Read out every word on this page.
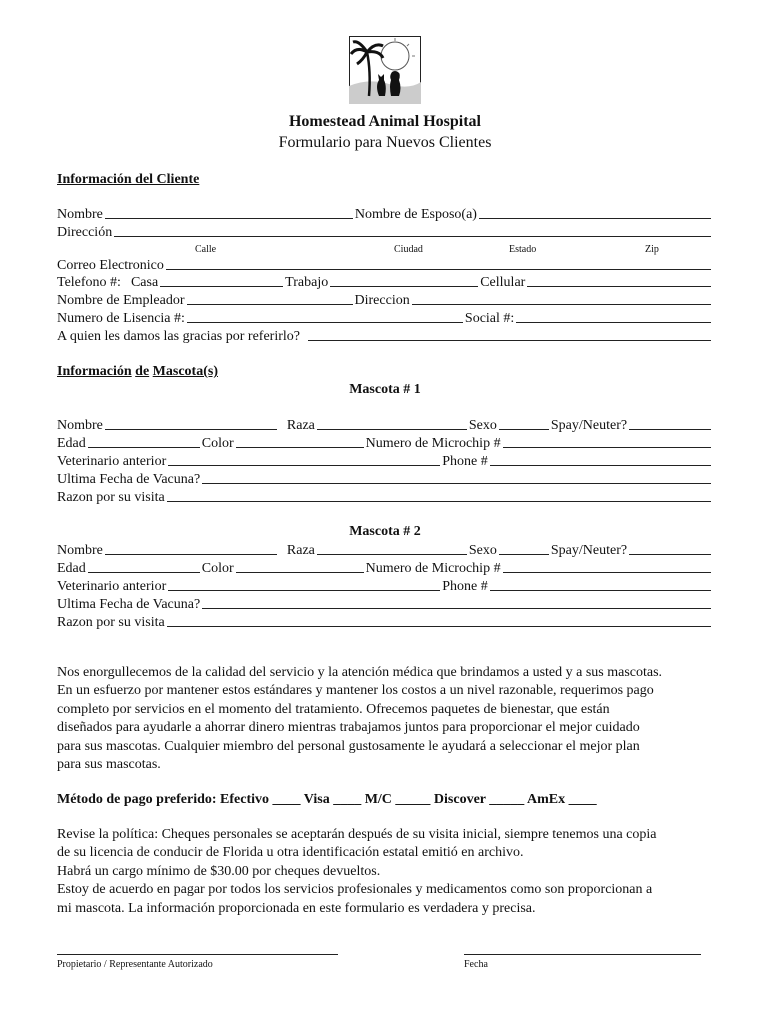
Homestead Animal Hospital
Formulario para Nuevos Clientes
Información del Cliente
Nombre	Nombre de Esposo(a)
Dirección
Calle	Ciudad	Estado	Zip
Correo Electronico
Telefono #: Casa	Trabajo	Cellular
Nombre de Empleador	Direccion
Numero de Lisencia #:	Social #:
A quien les damos las gracias por referirlo?
Información de Mascota(s)
Mascota # 1
Nombre	Raza	Sexo	Spay/Neuter?
Edad	Color	Numero de Microchip #
Veterinario anterior	Phone #
Ultima Fecha de Vacuna?
Razon por su visita
Mascota # 2
Nombre	Raza	Sexo	Spay/Neuter?
Edad	Color	Numero de Microchip #
Veterinario anterior	Phone #
Ultima Fecha de Vacuna?
Razon por su visita
Nos enorgullecemos de la calidad del servicio y la atención médica que brindamos a usted y a sus mascotas.
En un esfuerzo por mantener estos estándares y mantener los costos a un nivel razonable, requerimos pago
completo por servicios en el momento del tratamiento. Ofrecemos paquetes de bienestar, que están
diseñados para ayudarle a ahorrar dinero mientras trabajamos juntos para proporcionar el mejor cuidado
para sus mascotas. Cualquier miembro del personal gustosamente le ayudará a seleccionar el mejor plan
para sus mascotas.
Método de pago preferido: Efectivo ____ Visa ____ M/C _____ Discover _____ AmEx ____
Revise la política: Cheques personales se aceptarán después de su visita inicial, siempre tenemos una copia
de su licencia de conducir de Florida u otra identificación estatal emitió en archivo.
Habrá un cargo mínimo de $30.00 por cheques devueltos.
Estoy de acuerdo en pagar por todos los servicios profesionales y medicamentos como son proporcionan a
mi mascota. La información proporcionada en este formulario es verdadera y precisa.
Propietario / Representante Autorizado	Fecha
